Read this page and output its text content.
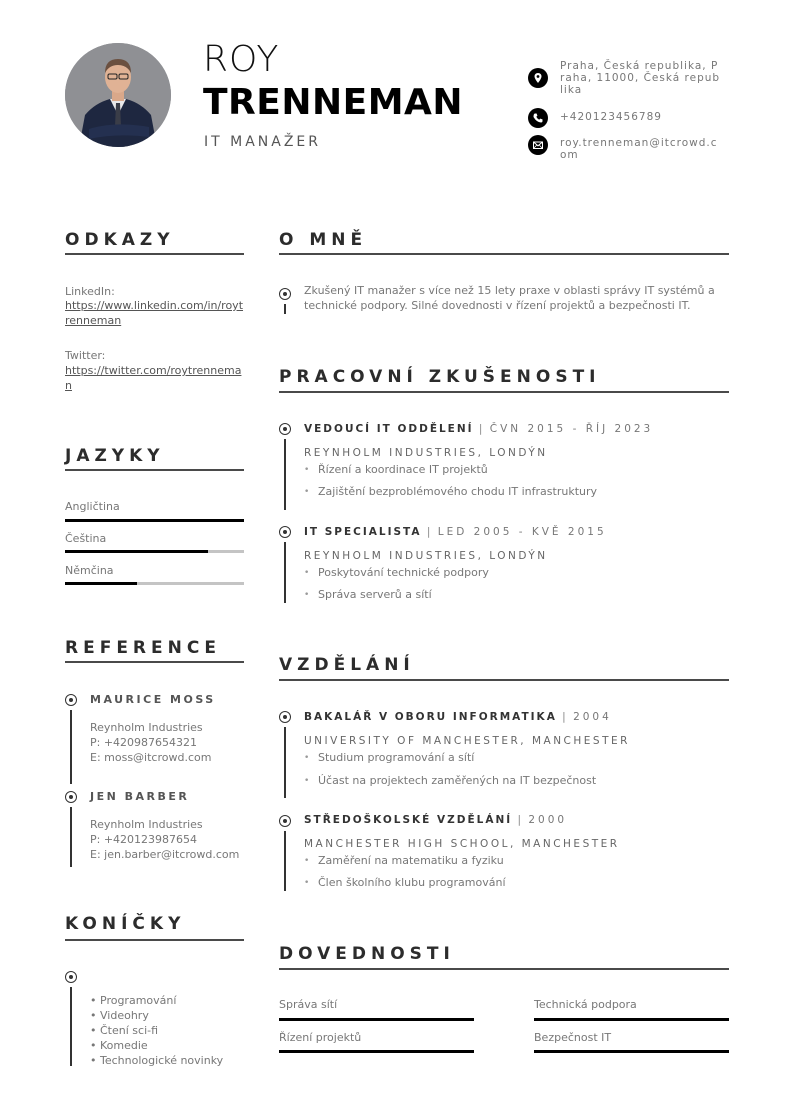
ROY
TRENNEMAN
IT MANAŽER
Praha, Česká republika, Praha, 11000, Česká republika
+420123456789
roy.trenneman@itcrowd.com
ODKAZY
LinkedIn:
https://www.linkedin.com/in/roytrenneman
Twitter:
https://twitter.com/roytrenneman
JAZYKY
Angličtina
Čeština
Němčina
REFERENCE
MAURICE MOSS
Reynholm Industries
P: +420987654321
E: moss@itcrowd.com
JEN BARBER
Reynholm Industries
P: +420123987654
E: jen.barber@itcrowd.com
KONÍČKY
• Programování
• Videohry
• Čtení sci-fi
• Komedie
• Technologické novinky
O MNĚ
Zkušený IT manažer s více než 15 lety praxe v oblasti správy IT systémů a technické podpory. Silné dovednosti v řízení projektů a bezpečnosti IT.
PRACOVNÍ ZKUŠENOSTI
VEDOUCÍ IT ODDĚLENÍ | ČVN 2015 - ŘÍJ 2023
REYNHOLM INDUSTRIES, LONDÝN
• Řízení a koordinace IT projektů
• Zajištění bezproblémového chodu IT infrastruktury
IT SPECIALISTA | LED 2005 - KVĚ 2015
REYNHOLM INDUSTRIES, LONDÝN
• Poskytování technické podpory
• Správa serverů a sítí
VZDĚLÁNÍ
BAKALÁŘ V OBORU INFORMATIKA | 2004
UNIVERSITY OF MANCHESTER, MANCHESTER
• Studium programování a sítí
• Účast na projektech zaměřených na IT bezpečnost
STŘEDOŠKOLSKÉ VZDĚLÁNÍ | 2000
MANCHESTER HIGH SCHOOL, MANCHESTER
• Zaměření na matematiku a fyziku
• Člen školního klubu programování
DOVEDNOSTI
Správa sítí	Technická podpora
Řízení projektů	Bezpečnost IT
